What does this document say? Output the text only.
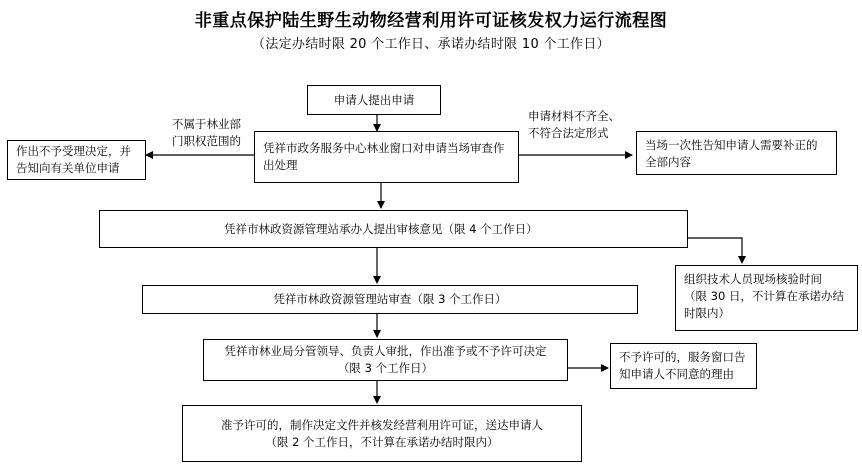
非重点保护陆生野生动物经营利用许可证核发权力运行流程图
（法定办结时限 20 个工作日、承诺办结时限 10 个工作日）
申请人提出申请
不属于林业部
门职权范围的
申请材料不齐全、
不符合法定形式
凭祥市政务服务中心林业窗口对申请当场审查作出处理
作出不予受理决定，并告知向有关单位申请
当场一次性告知申请人需要补正的全部内容
凭祥市林政资源管理站承办人提出审核意见（限 4 个工作日）
组织技术人员现场核验时间
（限 30 日，不计算在承诺办结时限内）
凭祥市林政资源管理站审查（限 3 个工作日）
凭祥市林业局分管领导、负责人审批，作出准予或不予许可决定
（限 3 个工作日）
不予许可的，服务窗口告
知申请人不同意的理由
准予许可的，制作决定文件并核发经营利用许可证，送达申请人
（限 2 个工作日，不计算在承诺办结时限内）
